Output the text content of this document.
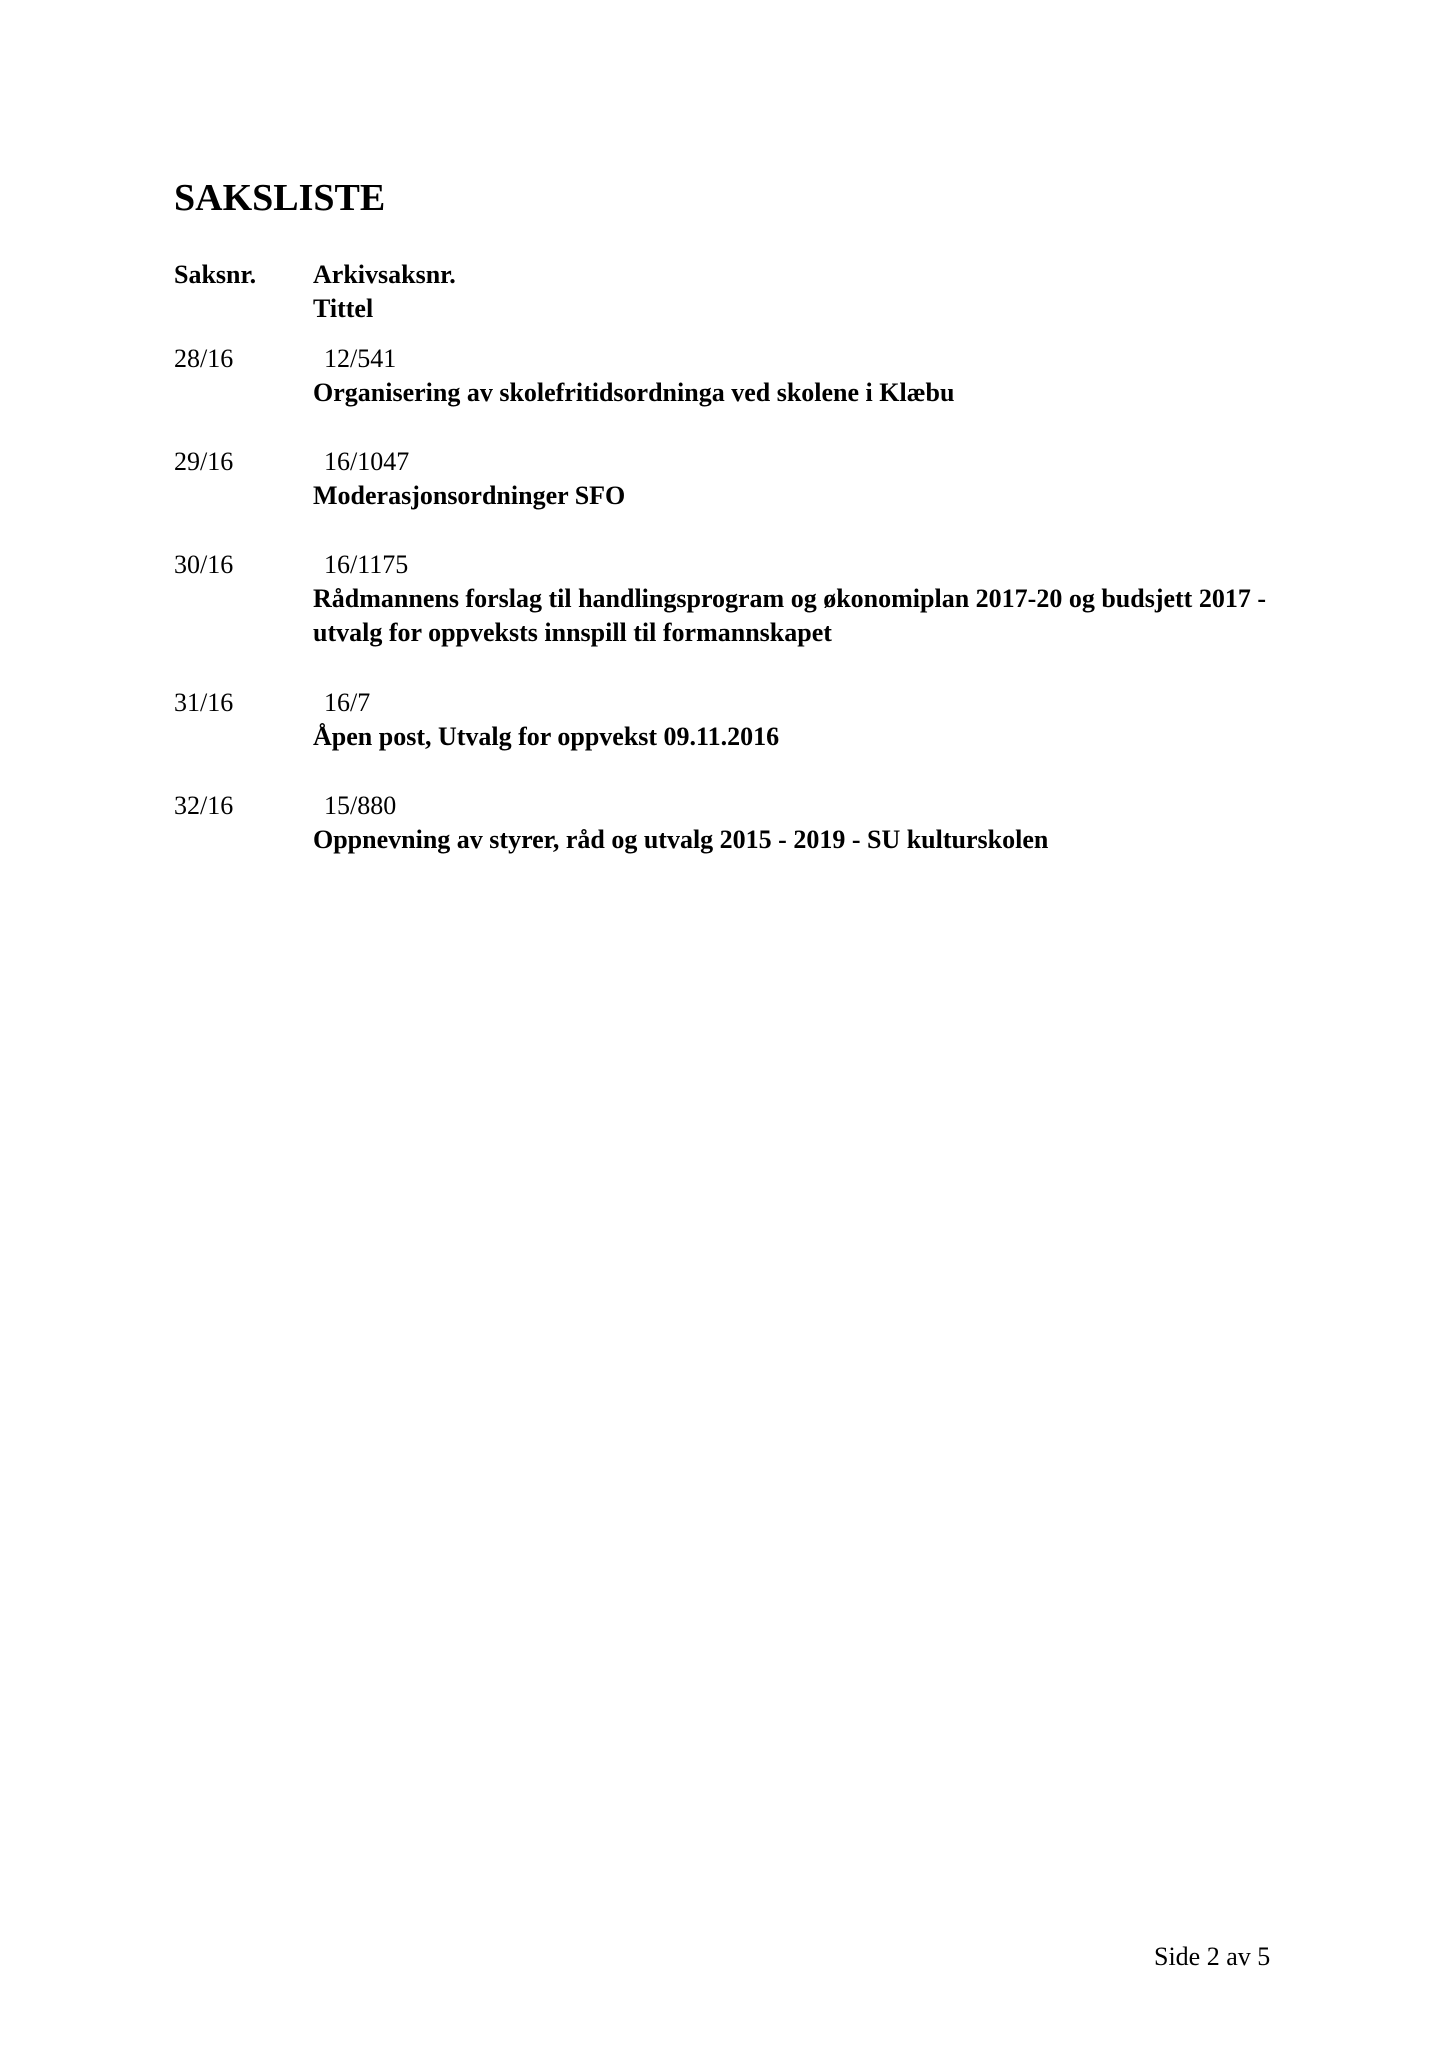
SAKSLISTE
Saksnr. Arkivsaksnr.
Tittel
28/16	12/541
Organisering av skolefritidsordninga ved skolene i Klæbu
29/16	16/1047
Moderasjonsordninger SFO
30/16	16/1175
Rådmannens forslag til handlingsprogram og økonomiplan 2017-20 og budsjett 2017 - utvalg for oppveksts innspill til formannskapet
31/16	16/7
Åpen post, Utvalg for oppvekst 09.11.2016
32/16	15/880
Oppnevning av styrer, råd og utvalg 2015 - 2019 - SU kulturskolen
Side 2 av 5
